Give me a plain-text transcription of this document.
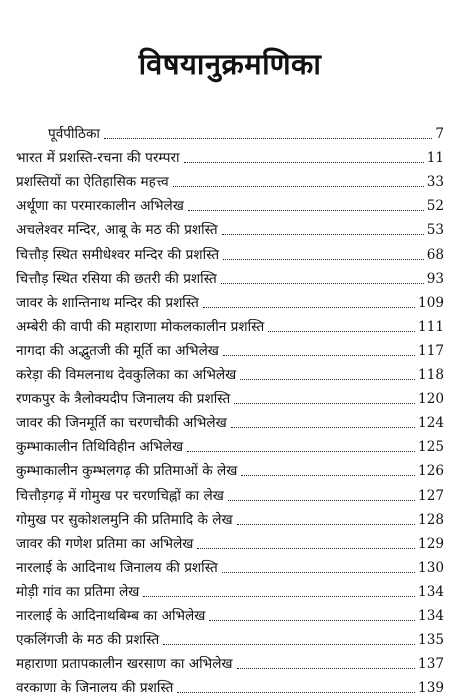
विषयानुक्रमणिका
पूर्वपीठिका	7
भारत में प्रशस्ति-रचना की परम्परा	11
प्रशस्तियों का ऐतिहासिक महत्त्व	33
अर्थूणा का परमारकालीन अभिलेख	52
अचलेश्वर मन्दिर, आबू के मठ की प्रशस्ति	53
चित्तौड़ स्थित समीधेश्वर मन्दिर की प्रशस्ति	68
चित्तौड़ स्थित रसिया की छतरी की प्रशस्ति	93
जावर के शान्तिनाथ मन्दिर की प्रशस्ति	109
अम्बेरी की वापी की महाराणा मोकलकालीन प्रशस्ति	111
नागदा की अद्भुतजी की मूर्ति का अभिलेख	117
करेड़ा की विमलनाथ देवकुलिका का अभिलेख	118
रणकपुर के त्रैलोक्यदीप जिनालय की प्रशस्ति	120
जावर की जिनमूर्ति का चरणचौकी अभिलेख	124
कुम्भाकालीन तिथिविहीन अभिलेख	125
कुम्भाकालीन कुम्भलगढ़ की प्रतिमाओं के लेख	126
चित्तौड़गढ़ में गोमुख पर चरणचिह्नों का लेख	127
गोमुख पर सुकोशलमुनि की प्रतिमादि के लेख	128
जावर की गणेश प्रतिमा का अभिलेख	129
नारलाई के आदिनाथ जिनालय की प्रशस्ति	130
मोड़ी गांव का प्रतिमा लेख	134
नारलाई के आदिनाथबिम्ब का अभिलेख	134
एकलिंगजी के मठ की प्रशस्ति	135
महाराणा प्रतापकालीन खरसाण का अभिलेख	137
वरकाणा के जिनालय की प्रशस्ति	139
